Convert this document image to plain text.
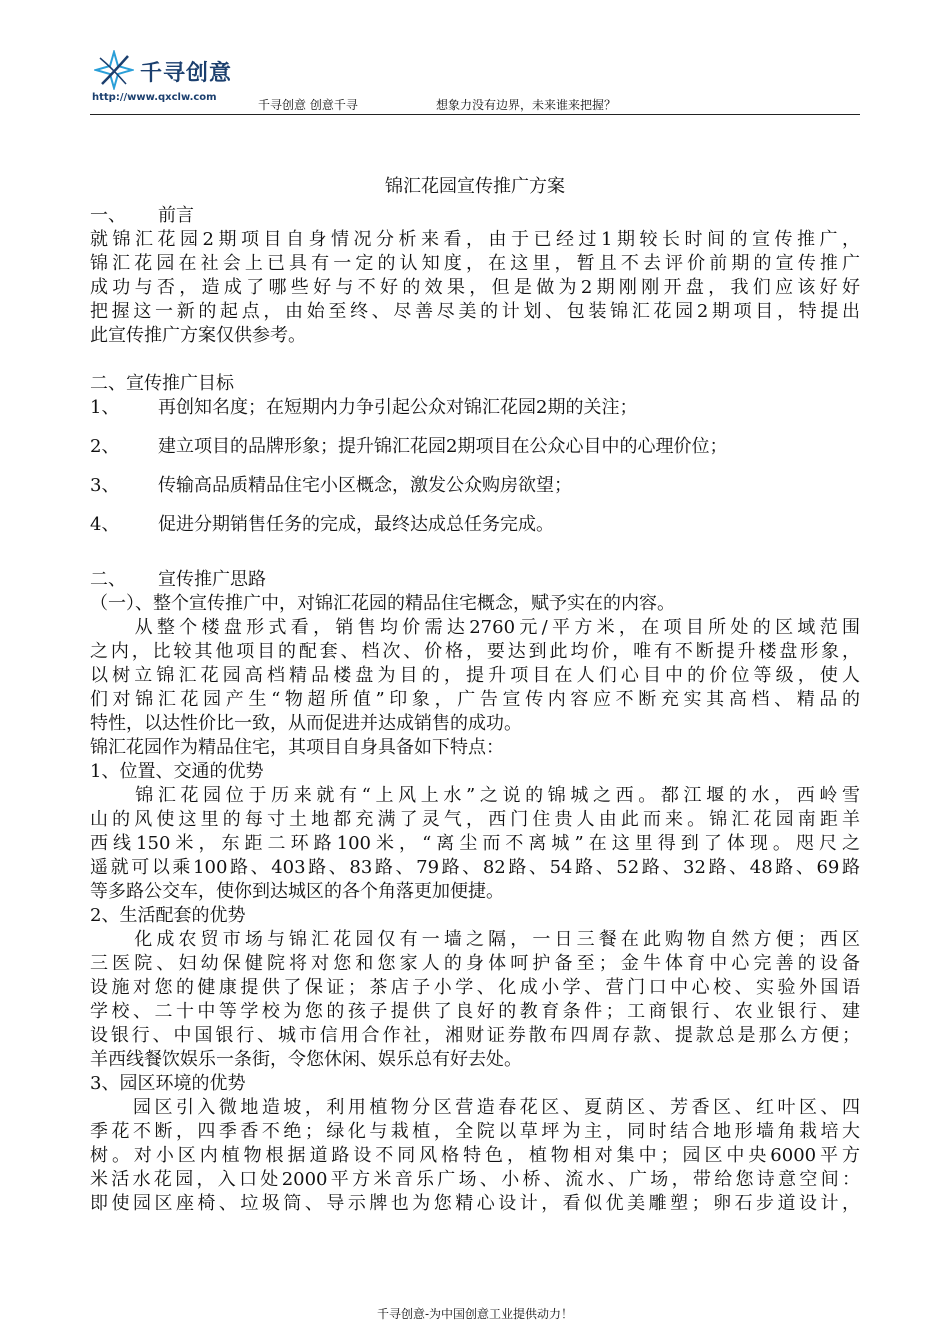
千寻创意
http://www.qxclw.com
千寻创意 创意千寻	想象力没有边界，未来谁来把握？
锦汇花园宣传推广方案
一、 前言
就锦汇花园2期项目自身情况分析来看，由于已经过1期较长时间的宣传推广，
锦汇花园在社会上已具有一定的认知度，在这里，暂且不去评价前期的宣传推广
成功与否，造成了哪些好与不好的效果，但是做为2期刚刚开盘，我们应该好好
把握这一新的起点，由始至终、尽善尽美的计划、包装锦汇花园2期项目，特提出
此宣传推广方案仅供参考。
二、宣传推广目标
1、 再创知名度；在短期内力争引起公众对锦汇花园2期的关注；
2、 建立项目的品牌形象；提升锦汇花园2期项目在公众心目中的心理价位；
3、 传输高品质精品住宅小区概念，激发公众购房欲望；
4、 促进分期销售任务的完成，最终达成总任务完成。
二、 宣传推广思路
（一）、整个宣传推广中，对锦汇花园的精品住宅概念，赋予实在的内容。
　　从整个楼盘形式看，销售均价需达2760元/平方米，在项目所处的区域范围
之内，比较其他项目的配套、档次、价格，要达到此均价，唯有不断提升楼盘形象，
以树立锦汇花园高档精品楼盘为目的，提升项目在人们心目中的价位等级，使人
们对锦汇花园产生“物超所值”印象，广告宣传内容应不断充实其高档、精品的
特性，以达性价比一致，从而促进并达成销售的成功。
锦汇花园作为精品住宅，其项目自身具备如下特点：
1、位置、交通的优势
　　锦汇花园位于历来就有“上风上水”之说的锦城之西。都江堰的水，西岭雪
山的风使这里的每寸土地都充满了灵气，西门住贵人由此而来。锦汇花园南距羊
西线150米，东距二环路100米，“离尘而不离城”在这里得到了体现。咫尺之
遥就可以乘100路、403路、83路、79路、82路、54路、52路、32路、48路、69路
等多路公交车，使你到达城区的各个角落更加便捷。
2、生活配套的优势
　　化成农贸市场与锦汇花园仅有一墙之隔，一日三餐在此购物自然方便；西区
三医院、妇幼保健院将对您和您家人的身体呵护备至；金牛体育中心完善的设备
设施对您的健康提供了保证；茶店子小学、化成小学、营门口中心校、实验外国语
学校、二十中等学校为您的孩子提供了良好的教育条件；工商银行、农业银行、建
设银行、中国银行、城市信用合作社，湘财证券散布四周存款、提款总是那么方便；
羊西线餐饮娱乐一条街，令您休闲、娱乐总有好去处。
3、园区环境的优势
　　园区引入微地造坡，利用植物分区营造春花区、夏荫区、芳香区、红叶区、四
季花不断，四季香不绝；绿化与栽植，全院以草坪为主，同时结合地形墙角栽培大
树。对小区内植物根据道路设不同风格特色，植物相对集中；园区中央6000平方
米活水花园，入口处2000平方米音乐广场、小桥、流水、广场，带给您诗意空间：
即使园区座椅、垃圾筒、导示牌也为您精心设计，看似优美雕塑；卵石步道设计，
千寻创意-为中国创意工业提供动力！
